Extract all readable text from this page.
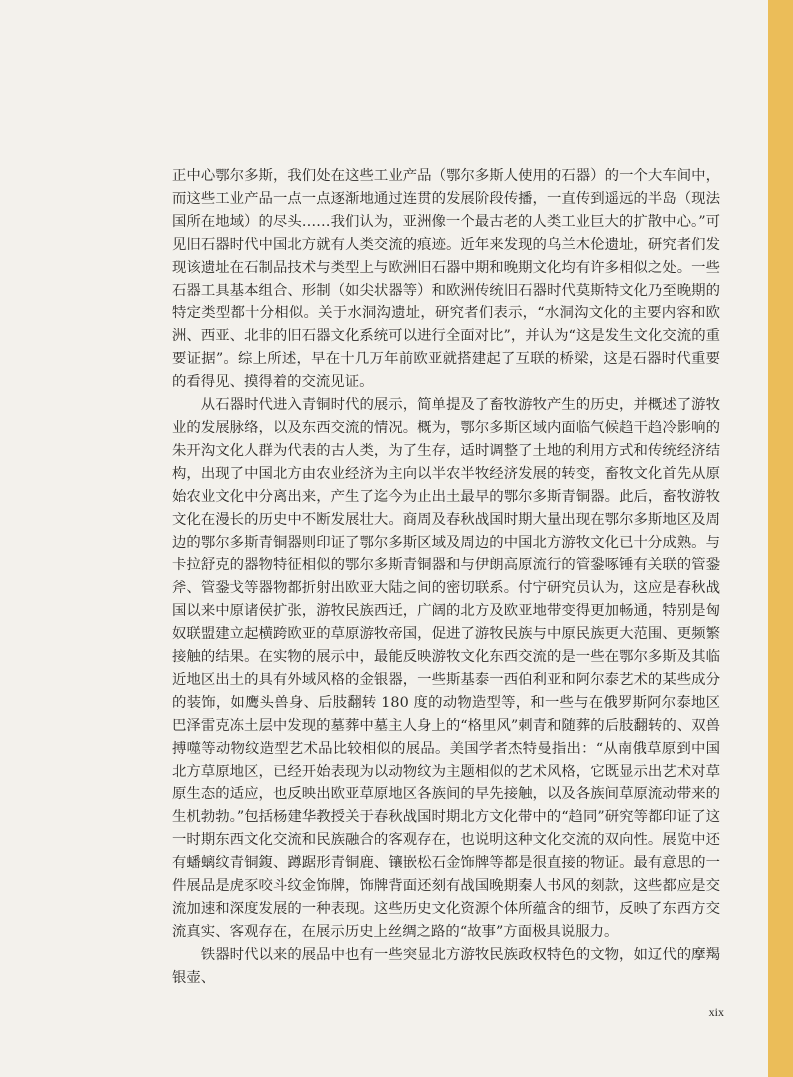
正中心鄂尔多斯，我们处在这些工业产品（鄂尔多斯人使用的石器）的一个大车间中，而这些工业产品一点一点逐渐地通过连贯的发展阶段传播，一直传到遥远的半岛（现法国所在地域）的尽头……我们认为，亚洲像一个最古老的人类工业巨大的扩散中心。”可见旧石器时代中国北方就有人类交流的痕迹。近年来发现的乌兰木伦遗址，研究者们发现该遗址在石制品技术与类型上与欧洲旧石器中期和晚期文化均有许多相似之处。一些石器工具基本组合、形制（如尖状器等）和欧洲传统旧石器时代莫斯特文化乃至晚期的特定类型都十分相似。关于水洞沟遗址，研究者们表示，“水洞沟文化的主要内容和欧洲、西亚、北非的旧石器文化系统可以进行全面对比”，并认为“这是发生文化交流的重要证据”。综上所述，早在十几万年前欧亚就搭建起了互联的桥梁，这是石器时代重要的看得见、摸得着的交流见证。

从石器时代进入青铜时代的展示，简单提及了畜牧游牧产生的历史，并概述了游牧业的发展脉络，以及东西交流的情况。概为，鄂尔多斯区域内面临气候趋干趋冷影响的朱开沟文化人群为代表的古人类，为了生存，适时调整了土地的利用方式和传统经济结构，出现了中国北方由农业经济为主向以半农半牧经济发展的转变，畜牧文化首先从原始农业文化中分离出来，产生了迄今为止出土最早的鄂尔多斯青铜器。此后，畜牧游牧文化在漫长的历史中不断发展壮大。商周及春秋战国时期大量出现在鄂尔多斯地区及周边的鄂尔多斯青铜器则印证了鄂尔多斯区域及周边的中国北方游牧文化已十分成熟。与卡拉舒克的器物特征相似的鄂尔多斯青铜器和与伊朗高原流行的管銎啄锤有关联的管銎斧、管銎戈等器物都折射出欧亚大陆之间的密切联系。付宁研究员认为，这应是春秋战国以来中原诸侯扩张，游牧民族西迁，广阔的北方及欧亚地带变得更加畅通，特别是匈奴联盟建立起横跨欧亚的草原游牧帝国，促进了游牧民族与中原民族更大范围、更频繁接触的结果。在实物的展示中，最能反映游牧文化东西交流的是一些在鄂尔多斯及其临近地区出土的具有外域风格的金银器，一些斯基泰一西伯利亚和阿尔泰艺术的某些成分的装饰，如鹰头兽身、后肢翻转 180 度的动物造型等，和一些与在俄罗斯阿尔泰地区巴泽雷克冻土层中发现的墓葬中墓主人身上的“格里风”刺青和随葬的后肢翻转的、双兽搏噬等动物纹造型艺术品比较相似的展品。美国学者杰特曼指出：“从南俄草原到中国北方草原地区，已经开始表现为以动物纹为主题相似的艺术风格，它既显示出艺术对草原生态的适应，也反映出欧亚草原地区各族间的早先接触，以及各族间草原流动带来的生机勃勃。”包括杨建华教授关于春秋战国时期北方文化带中的“趋同”研究等都印证了这一时期东西文化交流和民族融合的客观存在，也说明这种文化交流的双向性。展览中还有蟠螭纹青铜鍑、蹲踞形青铜鹿、镶嵌松石金饰牌等都是很直接的物证。最有意思的一件展品是虎豕咬斗纹金饰牌，饰牌背面还刻有战国晚期秦人书风的刻款，这些都应是交流加速和深度发展的一种表现。这些历史文化资源个体所蕴含的细节，反映了东西方交流真实、客观存在，在展示历史上丝绸之路的“故事”方面极具说服力。

铁器时代以来的展品中也有一些突显北方游牧民族政权特色的文物，如辽代的摩羯银壶、

xix
